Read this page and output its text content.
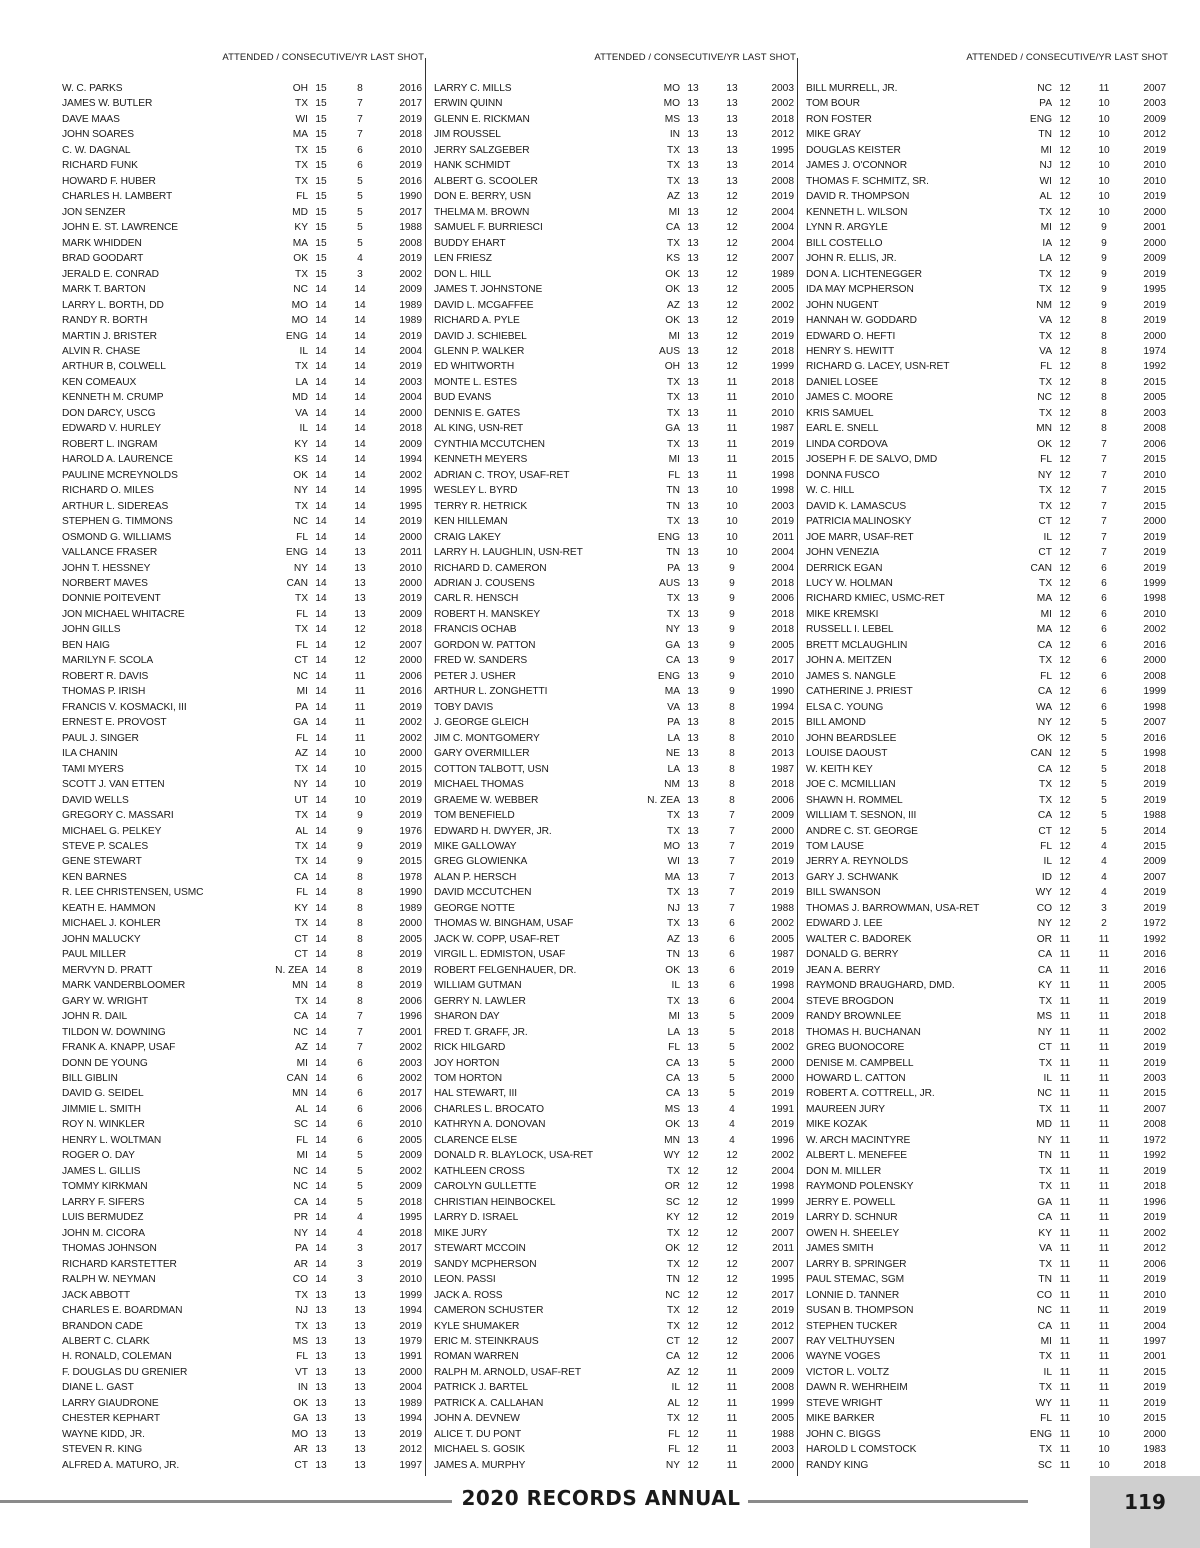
ATTENDED / CONSECUTIVE/YR LAST SHOT
W. C. PARKS	OH 15	8	2016
JAMES W. BUTLER	TX 15	7	2017
DAVE MAAS	WI 15	7	2019
JOHN SOARES	MA 15	7	2018
C. W. DAGNAL	TX 15	6	2010
RICHARD FUNK	TX 15	6	2019
HOWARD F. HUBER	TX 15	5	2016
CHARLES H. LAMBERT	FL 15	5	1990
JON SENZER	MD 15	5	2017
JOHN E. ST. LAWRENCE	KY 15	5	1988
MARK WHIDDEN	MA 15	5	2008
BRAD GOODART	OK 15	4	2019
JERALD E. CONRAD	TX 15	3	2002
MARK T. BARTON	NC 14	14	2009
LARRY L. BORTH, DD	MO 14	14	1989
RANDY R. BORTH	MO 14	14	1989
MARTIN J. BRISTER	ENG 14	14	2019
ALVIN R. CHASE	IL 14	14	2004
ARTHUR B, COLWELL	TX 14	14	2019
KEN COMEAUX	LA 14	14	2003
KENNETH M. CRUMP	MD 14	14	2004
DON DARCY, USCG	VA 14	14	2000
EDWARD V. HURLEY	IL 14	14	2018
ROBERT L. INGRAM	KY 14	14	2009
HAROLD A. LAURENCE	KS 14	14	1994
PAULINE MCREYNOLDS	OK 14	14	2002
RICHARD O. MILES	NY 14	14	1995
ARTHUR L. SIDEREAS	TX 14	14	1995
STEPHEN G. TIMMONS	NC 14	14	2019
OSMOND G. WILLIAMS	FL 14	14	2000
VALLANCE FRASER	ENG 14	13	2011
JOHN T. HESSNEY	NY 14	13	2010
NORBERT MAVES	CAN 14	13	2000
DONNIE POITEVENT	TX 14	13	2019
JON MICHAEL WHITACRE	FL 14	13	2009
JOHN GILLS	TX 14	12	2018
BEN HAIG	FL 14	12	2007
MARILYN F. SCOLA	CT 14	12	2000
ROBERT R. DAVIS	NC 14	11	2006
THOMAS P. IRISH	MI 14	11	2016
FRANCIS V. KOSMACKI, III	PA 14	11	2019
ERNEST E. PROVOST	GA 14	11	2002
PAUL J. SINGER	FL 14	11	2002
ILA CHANIN	AZ 14	10	2000
TAMI MYERS	TX 14	10	2015
SCOTT J. VAN ETTEN	NY 14	10	2019
DAVID WELLS	UT 14	10	2019
GREGORY C. MASSARI	TX 14	9	2019
MICHAEL G. PELKEY	AL 14	9	1976
STEVE P. SCALES	TX 14	9	2019
GENE STEWART	TX 14	9	2015
KEN BARNES	CA 14	8	1978
R. LEE CHRISTENSEN, USMC	FL 14	8	1990
KEATH E. HAMMON	KY 14	8	1989
MICHAEL J. KOHLER	TX 14	8	2000
JOHN MALUCKY	CT 14	8	2005
PAUL MILLER	CT 14	8	2019
MERVYN D. PRATT	N. ZEA 14	8	2019
MARK VANDERBLOOMER	MN 14	8	2019
GARY W. WRIGHT	TX 14	8	2006
JOHN R. DAIL	CA 14	7	1996
TILDON W. DOWNING	NC 14	7	2001
FRANK A. KNAPP, USAF	AZ 14	7	2002
DONN DE YOUNG	MI 14	6	2003
BILL GIBLIN	CAN 14	6	2002
DAVID G. SEIDEL	MN 14	6	2017
JIMMIE L. SMITH	AL 14	6	2006
ROY N. WINKLER	SC 14	6	2010
HENRY L. WOLTMAN	FL 14	6	2005
ROGER O. DAY	MI 14	5	2009
JAMES L. GILLIS	NC 14	5	2002
TOMMY KIRKMAN	NC 14	5	2009
LARRY F. SIFERS	CA 14	5	2018
LUIS BERMUDEZ	PR 14	4	1995
JOHN M. CICORA	NY 14	4	2018
THOMAS JOHNSON	PA 14	3	2017
RICHARD KARSTETTER	AR 14	3	2019
RALPH W. NEYMAN	CO 14	3	2010
JACK ABBOTT	TX 13	13	1999
CHARLES E. BOARDMAN	NJ 13	13	1994
BRANDON CADE	TX 13	13	2019
ALBERT C. CLARK	MS 13	13	1979
H. RONALD, COLEMAN	FL 13	13	1991
F. DOUGLAS DU GRENIER	VT 13	13	2000
DIANE L. GAST	IN 13	13	2004
LARRY GIAUDRONE	OK 13	13	1989
CHESTER KEPHART	GA 13	13	1994
WAYNE KIDD, JR.	MO 13	13	2019
STEVEN R. KING	AR 13	13	2012
ALFRED A. MATURO, JR.	CT 13	13	1997
ATTENDED / CONSECUTIVE/YR LAST SHOT
LARRY C. MILLS	MO 13	13	2003
ERWIN QUINN	MO 13	13	2002
GLENN E. RICKMAN	MS 13	13	2018
JIM ROUSSEL	IN 13	13	2012
JERRY SALZGEBER	TX 13	13	1995
HANK SCHMIDT	TX 13	13	2014
ALBERT G. SCOOLER	TX 13	13	2008
DON E. BERRY, USN	AZ 13	12	2019
THELMA M. BROWN	MI 13	12	2004
SAMUEL F. BURRIESCI	CA 13	12	2004
BUDDY EHART	TX 13	12	2004
LEN FRIESZ	KS 13	12	2007
DON L. HILL	OK 13	12	1989
JAMES T. JOHNSTONE	OK 13	12	2005
DAVID L. MCGAFFEE	AZ 13	12	2002
RICHARD A. PYLE	OK 13	12	2019
DAVID J. SCHIEBEL	MI 13	12	2019
GLENN P. WALKER	AUS 13	12	2018
ED WHITWORTH	OH 13	12	1999
MONTE L. ESTES	TX 13	11	2018
BUD EVANS	TX 13	11	2010
DENNIS E. GATES	TX 13	11	2010
AL KING, USN-RET	GA 13	11	1987
CYNTHIA MCCUTCHEN	TX 13	11	2019
KENNETH MEYERS	MI 13	11	2015
ADRIAN C. TROY, USAF-RET	FL 13	11	1998
WESLEY L. BYRD	TN 13	10	1998
TERRY R. HETRICK	TN 13	10	2003
KEN HILLEMAN	TX 13	10	2019
CRAIG LAKEY	ENG 13	10	2011
LARRY H. LAUGHLIN, USN-RET	TN 13	10	2004
RICHARD D. CAMERON	PA 13	9	2004
ADRIAN J. COUSENS	AUS 13	9	2018
CARL R. HENSCH	TX 13	9	2006
ROBERT H. MANSKEY	TX 13	9	2018
FRANCIS OCHAB	NY 13	9	2018
GORDON W. PATTON	GA 13	9	2005
FRED W. SANDERS	CA 13	9	2017
PETER J. USHER	ENG 13	9	2010
ARTHUR L. ZONGHETTI	MA 13	9	1990
TOBY DAVIS	VA 13	8	1994
J. GEORGE GLEICH	PA 13	8	2015
JIM C. MONTGOMERY	LA 13	8	2010
GARY OVERMILLER	NE 13	8	2013
COTTON TALBOTT, USN	LA 13	8	1987
MICHAEL THOMAS	NM 13	8	2018
GRAEME W. WEBBER	N. ZEA 13	8	2006
TOM BENEFIELD	TX 13	7	2009
EDWARD H. DWYER, JR.	TX 13	7	2000
MIKE GALLOWAY	MO 13	7	2019
GREG GLOWIENKA	WI 13	7	2019
ALAN P. HERSCH	MA 13	7	2013
DAVID MCCUTCHEN	TX 13	7	2019
GEORGE NOTTE	NJ 13	7	1988
THOMAS W. BINGHAM, USAF	TX 13	6	2002
JACK W. COPP, USAF-RET	AZ 13	6	2005
VIRGIL L. EDMISTON, USAF	TN 13	6	1987
ROBERT FELGENHAUER, DR.	OK 13	6	2019
WILLIAM GUTMAN	IL 13	6	1998
GERRY N. LAWLER	TX 13	6	2004
SHARON DAY	MI 13	5	2009
FRED T. GRAFF, JR.	LA 13	5	2018
RICK HILGARD	FL 13	5	2002
JOY HORTON	CA 13	5	2000
TOM HORTON	CA 13	5	2000
HAL STEWART, III	CA 13	5	2019
CHARLES L. BROCATO	MS 13	4	1991
KATHRYN A. DONOVAN	OK 13	4	2019
CLARENCE ELSE	MN 13	4	1996
DONALD R. BLAYLOCK, USA-RET	WY 12	12	2002
KATHLEEN CROSS	TX 12	12	2004
CAROLYN GULLETTE	OR 12	12	1998
CHRISTIAN HEINBOCKEL	SC 12	12	1999
LARRY D. ISRAEL	KY 12	12	2019
MIKE JURY	TX 12	12	2007
STEWART MCCOIN	OK 12	12	2011
SANDY MCPHERSON	TX 12	12	2007
LEON. PASSI	TN 12	12	1995
JACK A. ROSS	NC 12	12	2017
CAMERON SCHUSTER	TX 12	12	2019
KYLE SHUMAKER	TX 12	12	2012
ERIC M. STEINKRAUS	CT 12	12	2007
ROMAN WARREN	CA 12	12	2006
RALPH M. ARNOLD, USAF-RET	AZ 12	11	2009
PATRICK J. BARTEL	IL 12	11	2008
PATRICK A. CALLAHAN	AL 12	11	1999
JOHN A. DEVNEW	TX 12	11	2005
ALICE T. DU PONT	FL 12	11	1988
MICHAEL S. GOSIK	FL 12	11	2003
JAMES A. MURPHY	NY 12	11	2000
ATTENDED / CONSECUTIVE/YR LAST SHOT
BILL MURRELL, JR.	NC 12	11	2007
TOM BOUR	PA 12	10	2003
RON FOSTER	ENG 12	10	2009
MIKE GRAY	TN 12	10	2012
DOUGLAS KEISTER	MI 12	10	2019
JAMES J. O'CONNOR	NJ 12	10	2010
THOMAS F. SCHMITZ, SR.	WI 12	10	2010
DAVID R. THOMPSON	AL 12	10	2019
KENNETH L. WILSON	TX 12	10	2000
LYNN R. ARGYLE	MI 12	9	2001
BILL COSTELLO	IA 12	9	2000
JOHN R. ELLIS, JR.	LA 12	9	2009
DON A. LICHTENEGGER	TX 12	9	2019
IDA MAY MCPHERSON	TX 12	9	1995
JOHN NUGENT	NM 12	9	2019
HANNAH W. GODDARD	VA 12	8	2019
EDWARD O. HEFTI	TX 12	8	2000
HENRY S. HEWITT	VA 12	8	1974
RICHARD G. LACEY, USN-RET	FL 12	8	1992
DANIEL LOSEE	TX 12	8	2015
JAMES C. MOORE	NC 12	8	2005
KRIS SAMUEL	TX 12	8	2003
EARL E. SNELL	MN 12	8	2008
LINDA CORDOVA	OK 12	7	2006
JOSEPH F. DE SALVO, DMD	FL 12	7	2015
DONNA FUSCO	NY 12	7	2010
W. C. HILL	TX 12	7	2015
DAVID K. LAMASCUS	TX 12	7	2015
PATRICIA MALINOSKY	CT 12	7	2000
JOE MARR, USAF-RET	IL 12	7	2019
JOHN VENEZIA	CT 12	7	2019
DERRICK EGAN	CAN 12	6	2019
LUCY W. HOLMAN	TX 12	6	1999
RICHARD KMIEC, USMC-RET	MA 12	6	1998
MIKE KREMSKI	MI 12	6	2010
RUSSELL I. LEBEL	MA 12	6	2002
BRETT MCLAUGHLIN	CA 12	6	2016
JOHN A. MEITZEN	TX 12	6	2000
JAMES S. NANGLE	FL 12	6	2008
CATHERINE J. PRIEST	CA 12	6	1999
ELSA C. YOUNG	WA 12	6	1998
BILL AMOND	NY 12	5	2007
JOHN BEARDSLEE	OK 12	5	2016
LOUISE DAOUST	CAN 12	5	1998
W. KEITH KEY	CA 12	5	2018
JOE C. MCMILLIAN	TX 12	5	2019
SHAWN H. ROMMEL	TX 12	5	2019
WILLIAM T. SESNON, III	CA 12	5	1988
ANDRE C. ST. GEORGE	CT 12	5	2014
TOM LAUSE	FL 12	4	2015
JERRY A. REYNOLDS	IL 12	4	2009
GARY J. SCHWANK	ID 12	4	2007
BILL SWANSON	WY 12	4	2019
THOMAS J. BARROWMAN, USA-RET	CO 12	3	2019
EDWARD J. LEE	NY 12	2	1972
WALTER C. BADOREK	OR 11	11	1992
DONALD G. BERRY	CA 11	11	2016
JEAN A. BERRY	CA 11	11	2016
RAYMOND BRAUGHARD, DMD.	KY 11	11	2005
STEVE BROGDON	TX 11	11	2019
RANDY BROWNLEE	MS 11	11	2018
THOMAS H. BUCHANAN	NY 11	11	2002
GREG BUONOCORE	CT 11	11	2019
DENISE M. CAMPBELL	TX 11	11	2019
HOWARD L. CATTON	IL 11	11	2003
ROBERT A. COTTRELL, JR.	NC 11	11	2015
MAUREEN JURY	TX 11	11	2007
MIKE KOZAK	MD 11	11	2008
W. ARCH MACINTYRE	NY 11	11	1972
ALBERT L. MENEFEE	TN 11	11	1992
DON M. MILLER	TX 11	11	2019
RAYMOND POLENSKY	TX 11	11	2018
JERRY E. POWELL	GA 11	11	1996
LARRY D. SCHNUR	CA 11	11	2019
OWEN H. SHEELEY	KY 11	11	2002
JAMES SMITH	VA 11	11	2012
LARRY B. SPRINGER	TX 11	11	2006
PAUL STEMAC, SGM	TN 11	11	2019
LONNIE D. TANNER	CO 11	11	2010
SUSAN B. THOMPSON	NC 11	11	2019
STEPHEN TUCKER	CA 11	11	2004
RAY VELTHUYSEN	MI 11	11	1997
WAYNE VOGES	TX 11	11	2001
VICTOR L. VOLTZ	IL 11	11	2015
DAWN R. WEHRHEIM	TX 11	11	2019
STEVE WRIGHT	WY 11	11	2019
MIKE BARKER	FL 11	10	2015
JOHN C. BIGGS	ENG 11	10	2000
HAROLD L COMSTOCK	TX 11	10	1983
RANDY KING	SC 11	10	2018
2020 RECORDS ANNUAL	119
